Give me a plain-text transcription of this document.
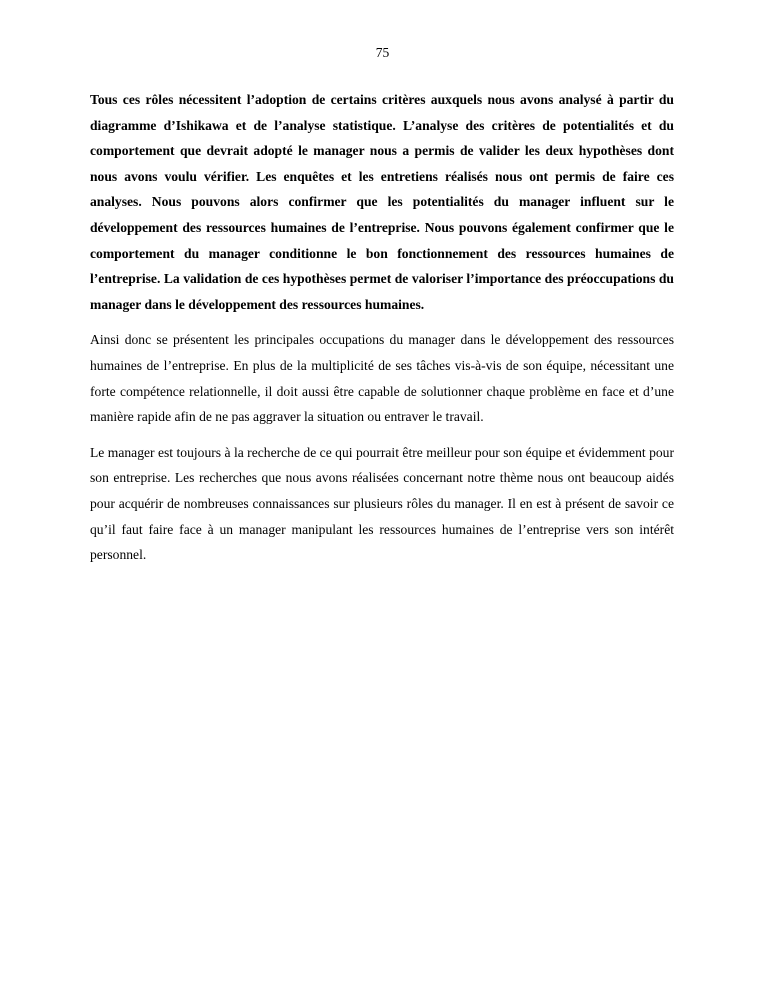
75

Tous ces rôles nécessitent l’adoption de certains critères auxquels nous avons analysé à partir du diagramme d’Ishikawa et de l’analyse statistique. L’analyse des critères de potentialités et du comportement que devrait adopté le manager nous a permis de valider les deux hypothèses dont nous avons voulu vérifier. Les enquêtes et les entretiens réalisés nous ont permis de faire ces analyses. Nous pouvons alors confirmer que les potentialités du manager influent sur le développement des ressources humaines de l’entreprise. Nous pouvons également confirmer que le comportement du manager conditionne le bon fonctionnement des ressources humaines de l’entreprise. La validation de ces hypothèses permet de valoriser l’importance des préoccupations du manager dans le développement des ressources humaines.

Ainsi donc se présentent les principales occupations du manager dans le développement des ressources humaines de l’entreprise. En plus de la multiplicité de ses tâches vis-à-vis de son équipe, nécessitant une forte compétence relationnelle, il doit aussi être capable de solutionner chaque problème en face et d’une manière rapide afin de ne pas aggraver la situation ou entraver le travail.

Le manager est toujours à la recherche de ce qui pourrait être meilleur pour son équipe et évidemment pour son entreprise. Les recherches que nous avons réalisées concernant notre thème nous ont beaucoup aidés pour acquérir de nombreuses connaissances sur plusieurs rôles du manager. Il en est à présent de savoir ce qu’il faut faire face à un manager manipulant les ressources humaines de l’entreprise vers son intérêt personnel.
